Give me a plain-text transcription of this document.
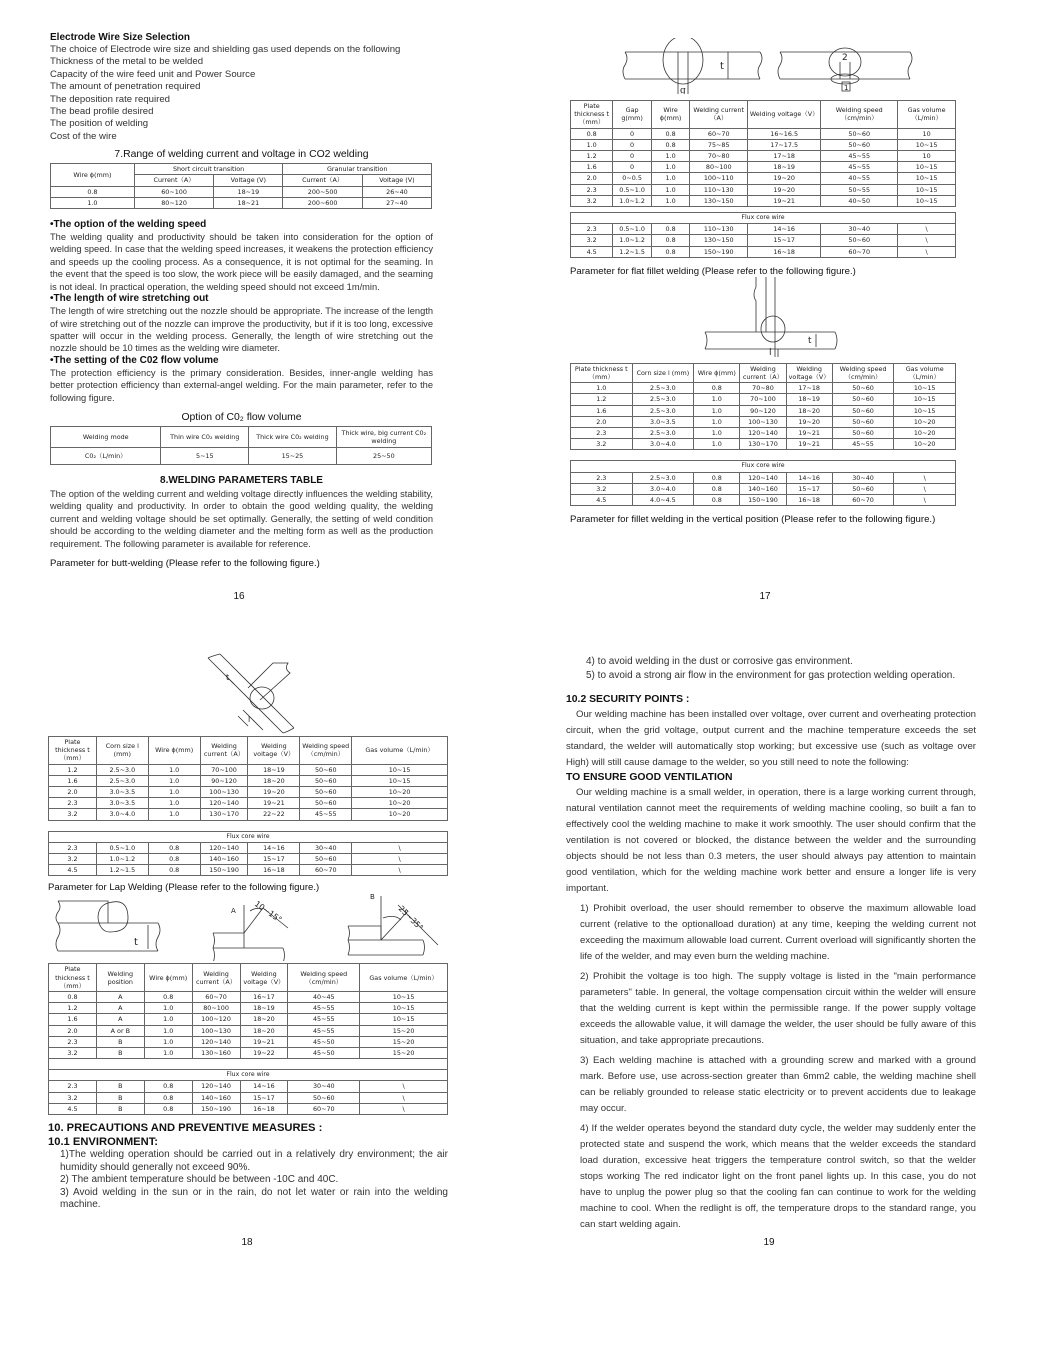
Electrode Wire Size Selection

The choice of Electrode wire size and shielding gas used depends on the following

Thickness of the metal to be welded

Capacity of the wire feed unit and Power Source

The amount of penetration required

The deposition rate required

The bead profile desired

The position of welding

Cost of the wire

7.Range of welding current and voltage in CO2 welding

Wire ɸ(mm)	Short circuit transition		Granular transition	
	Current（A）	Voltage (V)	Current（A）	Voltage (V)
0.8	60~100	18~19	200~500	26~40
1.0	80~120	18~21	200~600	27~40

•The option of the welding speed

The welding quality and productivity should be taken into consideration for the option of welding speed. In case that the welding speed increases, it weakens the protection efficiency and speeds up the cooling process. As a consequence, it is not optimal for the seaming. In the event that the speed is too slow, the work piece will be easily damaged, and the seaming is not ideal. In practical operation, the welding speed should not exceed 1m/min.

•The length of wire stretching out

The length of wire stretching out the nozzle should be appropriate. The increase of the length of wire stretching out of the nozzle can improve the productivity, but if it is too long, excessive spatter will occur in the welding process. Generally, the length of wire stretching out the nozzle should be 10 times as the welding wire diameter.

•The setting of the C02 flow volume

The protection efficiency is the primary consideration. Besides, inner-angle welding has better protection efficiency than external-angel welding. For the main parameter, refer to the following figure.

Option of C0₂ flow volume

Welding mode	Thin wire C0₂ welding	Thick wire C0₂ welding	Thick wire, big current C0₂ welding
C0₂（L/min）	5~15	15~25	25~50

8.WELDING PARAMETERS TABLE

The option of the welding current and welding voltage directly influences the welding stability, welding quality and productivity. In order to obtain the good welding quality, the welding current and welding voltage should be set optimally. Generally, the setting of weld condition should be according to the welding diameter and the melting form as well as the production requirement. The following parameter is available for reference.

Parameter for butt-welding (Please refer to the following figure.)

16
t
g
2
1
Plate thickness t（mm）	Gap g(mm)	Wire ɸ(mm)	Welding current（A）	Welding voltage（V）	Welding speed（cm/min）	Gas volume（L/min）
0.8	0	0.8	60~70	16~16.5	50~60	10
1.0	0	0.8	75~85	17~17.5	50~60	10~15
1.2	0	1.0	70~80	17~18	45~55	10
1.6	0	1.0	80~100	18~19	45~55	10~15
2.0	0~0.5	1.0	100~110	19~20	40~55	10~15
2.3	0.5~1.0	1.0	110~130	19~20	50~55	10~15
3.2	1.0~1.2	1.0	130~150	19~21	40~50	10~15

Flux core wire						
2.3	0.5~1.0	0.8	110~130	14~16	30~40	\
3.2	1.0~1.2	0.8	130~150	15~17	50~60	\
4.5	1.2~1.5	0.8	150~190	16~18	60~70	\

Parameter for flat fillet welding (Please refer to the following figure.)

t
l
Plate thickness t（mm）	Corn size l (mm)	Wire ɸ(mm)	Welding current（A）	Welding voltage（V）	Welding speed（cm/min）	Gas volume（L/min）
1.0	2.5~3.0	0.8	70~80	17~18	50~60	10~15
1.2	2.5~3.0	1.0	70~100	18~19	50~60	10~15
1.6	2.5~3.0	1.0	90~120	18~20	50~60	10~15
2.0	3.0~3.5	1.0	100~130	19~20	50~60	10~20
2.3	2.5~3.0	1.0	120~140	19~21	50~60	10~20
3.2	3.0~4.0	1.0	130~170	19~21	45~55	10~20

Flux core wire						
2.3	2.5~3.0	0.8	120~140	14~16	30~40	\
3.2	3.0~4.0	0.8	140~160	15~17	50~60	\
4.5	4.0~4.5	0.8	150~190	16~18	60~70	\

Parameter for fillet welding in the vertical position (Please refer to the following figure.)

17
t
l
Plate thickness t（mm）	Corn size l (mm)	Wire ɸ(mm)	Welding current（A）	Welding voltage（V）	Welding speed（cm/min）	Gas volume（L/min）
1.2	2.5~3.0	1.0	70~100	18~19	50~60	10~15
1.6	2.5~3.0	1.0	90~120	18~20	50~60	10~15
2.0	3.0~3.5	1.0	100~130	19~20	50~60	10~20
2.3	3.0~3.5	1.0	120~140	19~21	50~60	10~20
3.2	3.0~4.0	1.0	130~170	22~22	45~55	10~20

Flux core wire						
2.3	0.5~1.0	0.8	120~140	14~16	30~40	\
3.2	1.0~1.2	0.8	140~160	15~17	50~60	\
4.5	1.2~1.5	0.8	150~190	16~18	60~70	\

Parameter for Lap Welding (Please refer to the following figure.)

t
A 10~15°
B
25~35°
Plate thickness t（mm）	Welding position	Wire ɸ(mm)	Welding current（A）	Welding voltage（V）	Welding speed（cm/min）	Gas volume（L/min）
0.8	A	0.8	60~70	16~17	40~45	10~15
1.2	A	1.0	80~100	18~19	45~55	10~15
1.6	A	1.0	100~120	18~20	45~55	10~15
2.0	A or B	1.0	100~130	18~20	45~55	15~20
2.3	B	1.0	120~140	19~21	45~50	15~20
3.2	B	1.0	130~160	19~22	45~50	15~20

Flux core wire						
2.3	B	0.8	120~140	14~16	30~40	\
3.2	B	0.8	140~160	15~17	50~60	\
4.5	B	0.8	150~190	16~18	60~70	\

10. PRECAUTIONS AND PREVENTIVE MEASURES :

10.1 ENVIRONMENT:

1)The welding operation should be carried out in a relatively dry environment; the air humidity should generally not exceed 90%.

2) The ambient temperature should be between -10C and 40C.

3) Avoid welding in the sun or in the rain, do not let water or rain into the welding machine.

18

4) to avoid welding in the dust or corrosive gas environment.

5) to avoid a strong air flow in the environment for gas protection welding operation.

10.2 SECURITY POINTS :

Our welding machine has been installed over voltage, over current and overheating protection circuit, when the grid voltage, output current and the machine temperature exceeds the set standard, the welder will automatically stop working; but excessive use (such as voltage over High) will still cause damage to the welder, so you still need to note the following:

TO ENSURE GOOD VENTILATION

Our welding machine is a small welder, in operation, there is a large working current through, natural ventilation cannot meet the requirements of welding machine cooling, so built a fan to effectively cool the welding machine to make it work smoothly. The user should confirm that the ventilation is not covered or blocked, the distance between the welder and the surrounding objects should be not less than 0.3 meters, the user should always pay attention to maintain good ventilation, which for the welding machine work better and ensure a longer life is very important.

1) Prohibit overload, the user should remember to observe the maximum allowable load current (relative to the optionalload duration) at any time, keeping the welding current not exceeding the maximum allowable load current. Current overload will significantly shorten the life of the welder, and may even burn the welding machine.

2) Prohibit the voltage is too high. The supply voltage is listed in the "main performance parameters" table. In general, the voltage compensation circuit within the welder will ensure that the welding current is kept within the permissible range. If the power supply voltage exceeds the allowable value, it will damage the welder, the user should be fully aware of this situation, and take appropriate precautions.

3) Each welding machine is attached with a grounding screw and marked with a ground mark. Before use, use across-section greater than 6mm2 cable, the welding machine shell can be reliably grounded to release static electricity or to prevent accidents due to leakage may occur.

4) If the welder operates beyond the standard duty cycle, the welder may suddenly enter the protected state and suspend the work, which means that the welder exceeds the standard load duration, excessive heat triggers the temperature control switch, so that the welder stops working The red indicator light on the front panel lights up. In this case, you do not have to unplug the power plug so that the cooling fan can continue to work for the welding machine to cool. When the redlight is off, the temperature drops to the standard range, you can start welding again.

19
